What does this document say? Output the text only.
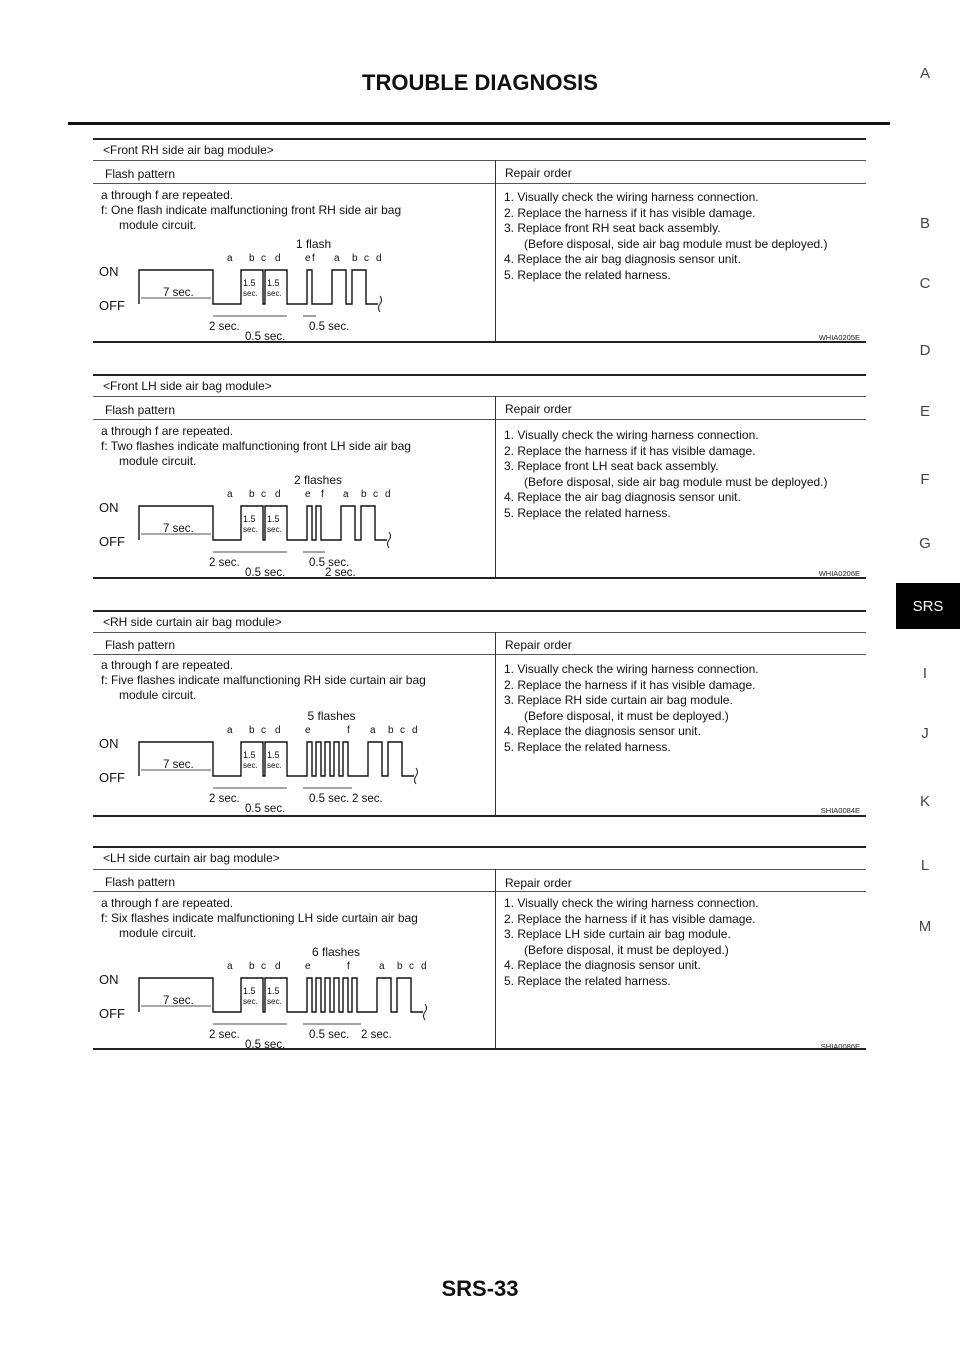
TROUBLE DIAGNOSIS	A
B
C
D
E
F
G
SRS
I
J
K
L
M
<Front RH side air bag module>
Flash pattern	Repair order
a through f are repeated.
f: One flash indicate malfunctioning front RH side air bag
module circuit.
ON
OFF
7 sec.
1.5
sec.
1.5
sec.
a b c d e f a b c d
1 flash
2 sec.
0.5 sec.
0.5 sec.
1. Visually check the wiring harness connection.
2. Replace the harness if it has visible damage.
3. Replace front RH seat back assembly.
(Before disposal, side air bag module must be deployed.)
4. Replace the air bag diagnosis sensor unit.
5. Replace the related harness.
WHIA0205E
<Front LH side air bag module>
Flash pattern	Repair order
a through f are repeated.
f: Two flashes indicate malfunctioning front LH side air bag
module circuit.
ON
OFF
7 sec.
1.5
sec.
1.5
sec.
a b c d e f a b c d
2 flashes
2 sec.
0.5 sec.
0.5 sec.
2 sec.
1. Visually check the wiring harness connection.
2. Replace the harness if it has visible damage.
3. Replace front LH seat back assembly.
(Before disposal, side air bag module must be deployed.)
4. Replace the air bag diagnosis sensor unit.
5. Replace the related harness.
WHIA0206E
<RH side curtain air bag module>
Flash pattern	Repair order
a through f are repeated.
f: Five flashes indicate malfunctioning RH side curtain air bag
module circuit.
ON
OFF
7 sec.
1.5
sec.
1.5
sec.
a b c d e	f a b c d
5 flashes
2 sec.
0.5 sec.
0.5 sec. 2 sec.
1. Visually check the wiring harness connection.
2. Replace the harness if it has visible damage.
3. Replace RH side curtain air bag module.
(Before disposal, it must be deployed.)
4. Replace the diagnosis sensor unit.
5. Replace the related harness.
SHIA0084E
<LH side curtain air bag module>
Flash pattern	Repair order
a through f are repeated.
f: Six flashes indicate malfunctioning LH side curtain air bag
module circuit.
ON
OFF
7 sec.
1.5
sec.
1.5
sec.
a b c d e	f	a b c d
6 flashes
2 sec.
0.5 sec.
0.5 sec. 2 sec.
1. Visually check the wiring harness connection.
2. Replace the harness if it has visible damage.
3. Replace LH side curtain air bag module.
(Before disposal, it must be deployed.)
4. Replace the diagnosis sensor unit.
5. Replace the related harness.
SHIA0086E
SRS-33
